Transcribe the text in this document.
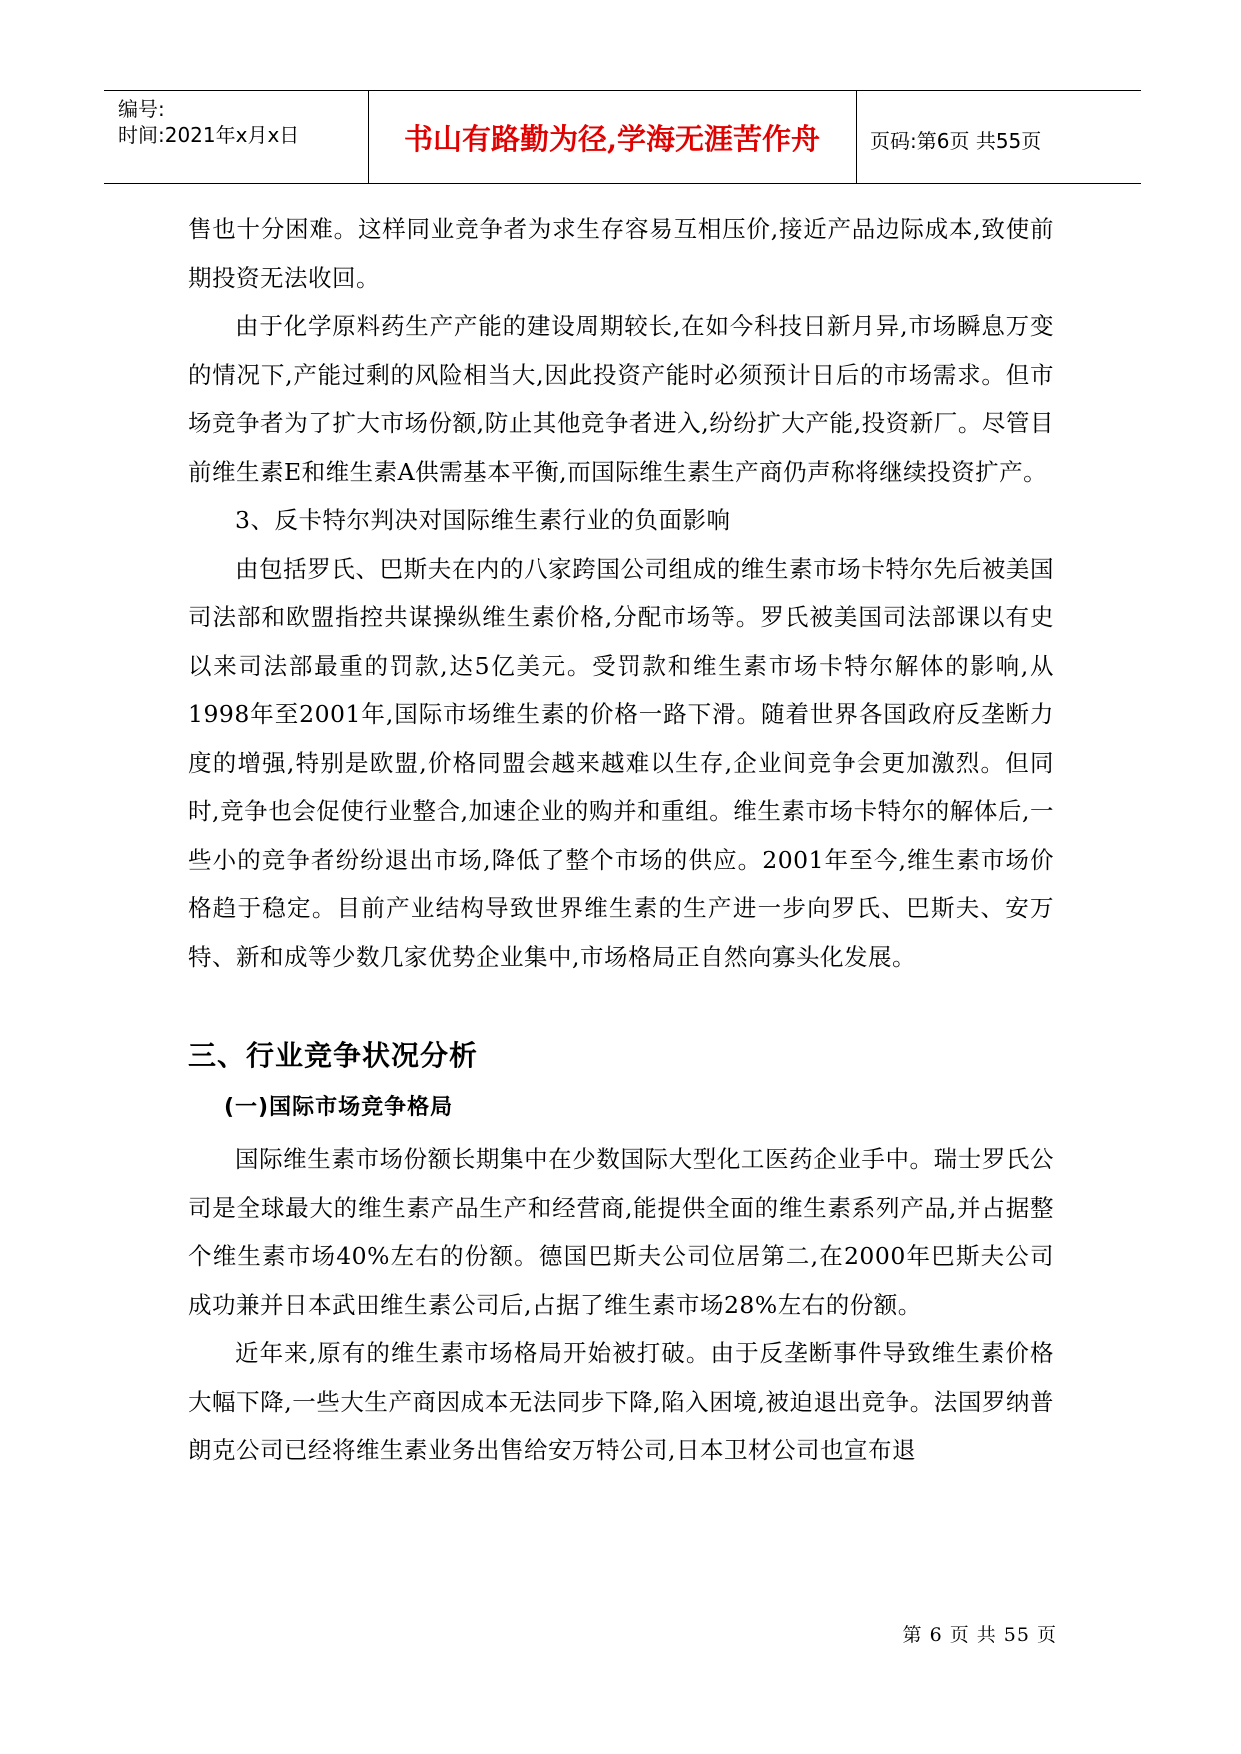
编号:
时间:2021年x月x日	书山有路勤为径,学海无涯苦作舟	页码:第6页 共55页

售也十分困难。这样同业竞争者为求生存容易互相压价,接近产品边际成本,致使前期投资无法收回。

由于化学原料药生产产能的建设周期较长,在如今科技日新月异,市场瞬息万变的情况下,产能过剩的风险相当大,因此投资产能时必须预计日后的市场需求。但市场竞争者为了扩大市场份额,防止其他竞争者进入,纷纷扩大产能,投资新厂。尽管目前维生素E和维生素A供需基本平衡,而国际维生素生产商仍声称将继续投资扩产。

3、反卡特尔判决对国际维生素行业的负面影响

由包括罗氏、巴斯夫在内的八家跨国公司组成的维生素市场卡特尔先后被美国司法部和欧盟指控共谋操纵维生素价格,分配市场等。罗氏被美国司法部课以有史以来司法部最重的罚款,达5亿美元。受罚款和维生素市场卡特尔解体的影响,从1998年至2001年,国际市场维生素的价格一路下滑。随着世界各国政府反垄断力度的增强,特别是欧盟,价格同盟会越来越难以生存,企业间竞争会更加激烈。但同时,竞争也会促使行业整合,加速企业的购并和重组。维生素市场卡特尔的解体后,一些小的竞争者纷纷退出市场,降低了整个市场的供应。2001年至今,维生素市场价格趋于稳定。目前产业结构导致世界维生素的生产进一步向罗氏、巴斯夫、安万特、新和成等少数几家优势企业集中,市场格局正自然向寡头化发展。

三、行业竞争状况分析
(一)国际市场竞争格局

国际维生素市场份额长期集中在少数国际大型化工医药企业手中。瑞士罗氏公司是全球最大的维生素产品生产和经营商,能提供全面的维生素系列产品,并占据整个维生素市场40%左右的份额。德国巴斯夫公司位居第二,在2000年巴斯夫公司成功兼并日本武田维生素公司后,占据了维生素市场28%左右的份额。

近年来,原有的维生素市场格局开始被打破。由于反垄断事件导致维生素价格大幅下降,一些大生产商因成本无法同步下降,陷入困境,被迫退出竞争。法国罗纳普朗克公司已经将维生素业务出售给安万特公司,日本卫材公司也宣布退

第 6 页 共 55 页
